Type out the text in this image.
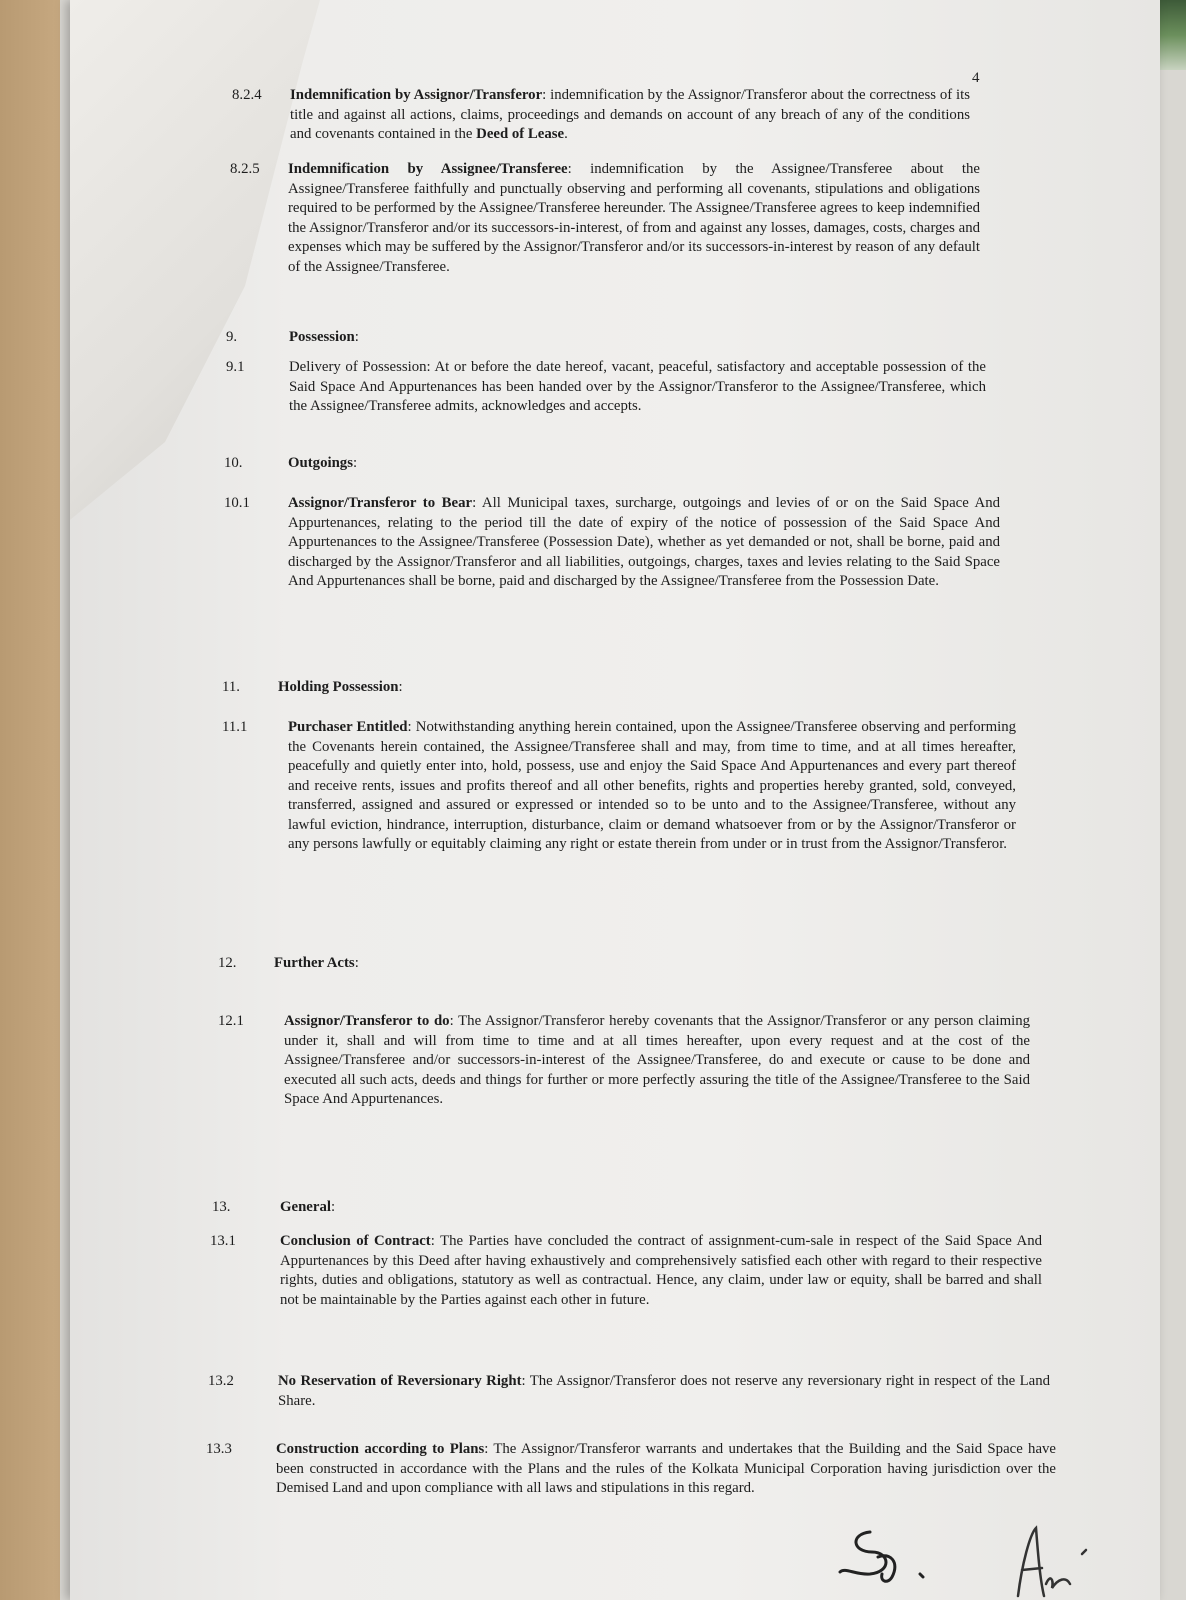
4
8.2.4 Indemnification by Assignor/Transferor: indemnification by the Assignor/Transferor about the correctness of its title and against all actions, claims, proceedings and demands on account of any breach of any of the conditions and covenants contained in the Deed of Lease.
8.2.5 Indemnification by Assignee/Transferee: indemnification by the Assignee/Transferee about the Assignee/Transferee faithfully and punctually observing and performing all covenants, stipulations and obligations required to be performed by the Assignee/Transferee hereunder. The Assignee/Transferee agrees to keep indemnified the Assignor/Transferor and/or its successors-in-interest, of from and against any losses, damages, costs, charges and expenses which may be suffered by the Assignor/Transferor and/or its successors-in-interest by reason of any default of the Assignee/Transferee.
9.	Possession:
9.1	Delivery of Possession: At or before the date hereof, vacant, peaceful, satisfactory and acceptable possession of the Said Space And Appurtenances has been handed over by the Assignor/Transferor to the Assignee/Transferee, which the Assignee/Transferee admits, acknowledges and accepts.
10.	Outgoings:
10.1	Assignor/Transferor to Bear: All Municipal taxes, surcharge, outgoings and levies of or on the Said Space And Appurtenances, relating to the period till the date of expiry of the notice of possession of the Said Space And Appurtenances to the Assignee/Transferee (Possession Date), whether as yet demanded or not, shall be borne, paid and discharged by the Assignor/Transferor and all liabilities, outgoings, charges, taxes and levies relating to the Said Space And Appurtenances shall be borne, paid and discharged by the Assignee/Transferee from the Possession Date.
11.	Holding Possession:
11.1	Purchaser Entitled: Notwithstanding anything herein contained, upon the Assignee/Transferee observing and performing the Covenants herein contained, the Assignee/Transferee shall and may, from time to time, and at all times hereafter, peacefully and quietly enter into, hold, possess, use and enjoy the Said Space And Appurtenances and every part thereof and receive rents, issues and profits thereof and all other benefits, rights and properties hereby granted, sold, conveyed, transferred, assigned and assured or expressed or intended so to be unto and to the Assignee/Transferee, without any lawful eviction, hindrance, interruption, disturbance, claim or demand whatsoever from or by the Assignor/Transferor or any persons lawfully or equitably claiming any right or estate therein from under or in trust from the Assignor/Transferor.
12.	Further Acts:
12.1	Assignor/Transferor to do: The Assignor/Transferor hereby covenants that the Assignor/Transferor or any person claiming under it, shall and will from time to time and at all times hereafter, upon every request and at the cost of the Assignee/Transferee and/or successors-in-interest of the Assignee/Transferee, do and execute or cause to be done and executed all such acts, deeds and things for further or more perfectly assuring the title of the Assignee/Transferee to the Said Space And Appurtenances.
13.	General:
13.1	Conclusion of Contract: The Parties have concluded the contract of assignment-cum-sale in respect of the Said Space And Appurtenances by this Deed after having exhaustively and comprehensively satisfied each other with regard to their respective rights, duties and obligations, statutory as well as contractual. Hence, any claim, under law or equity, shall be barred and shall not be maintainable by the Parties against each other in future.
13.2	No Reservation of Reversionary Right: The Assignor/Transferor does not reserve any reversionary right in respect of the Land Share.
13.3	Construction according to Plans: The Assignor/Transferor warrants and undertakes that the Building and the Said Space have been constructed in accordance with the Plans and the rules of the Kolkata Municipal Corporation having jurisdiction over the Demised Land and upon compliance with all laws and stipulations in this regard.
